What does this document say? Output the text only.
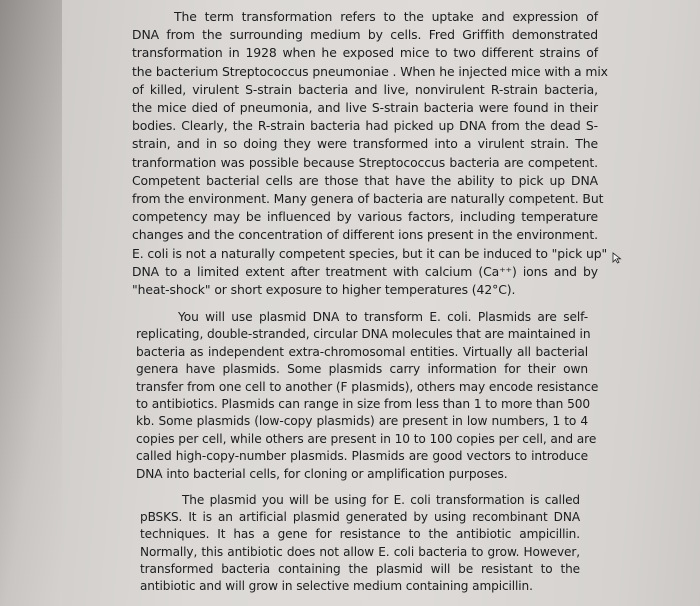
The term transformation refers to the uptake and expression of
DNA from the surrounding medium by cells. Fred Griffith demonstrated
transformation in 1928 when he exposed mice to two different strains of
the bacterium Streptococcus pneumoniae . When he injected mice with a mix
of killed, virulent S-strain bacteria and live, nonvirulent R-strain bacteria,
the mice died of pneumonia, and live S-strain bacteria were found in their
bodies. Clearly, the R-strain bacteria had picked up DNA from the dead S-
strain, and in so doing they were transformed into a virulent strain. The
tranformation was possible because Streptococcus bacteria are competent.
Competent bacterial cells are those that have the ability to pick up DNA
from the environment. Many genera of bacteria are naturally competent. But
competency may be influenced by various factors, including temperature
changes and the concentration of different ions present in the environment.
E. coli is not a naturally competent species, but it can be induced to "pick up"
DNA to a limited extent after treatment with calcium (Ca⁺⁺) ions and by
"heat-shock" or short exposure to higher temperatures (42°C).
You will use plasmid DNA to transform E. coli. Plasmids are self-
replicating, double-stranded, circular DNA molecules that are maintained in
bacteria as independent extra-chromosomal entities. Virtually all bacterial
genera have plasmids. Some plasmids carry information for their own
transfer from one cell to another (F plasmids), others may encode resistance
to antibiotics. Plasmids can range in size from less than 1 to more than 500
kb. Some plasmids (low-copy plasmids) are present in low numbers, 1 to 4
copies per cell, while others are present in 10 to 100 copies per cell, and are
called high-copy-number plasmids. Plasmids are good vectors to introduce
DNA into bacterial cells, for cloning or amplification purposes.
The plasmid you will be using for E. coli transformation is called
pBSKS. It is an artificial plasmid generated by using recombinant DNA
techniques. It has a gene for resistance to the antibiotic ampicillin.
Normally, this antibiotic does not allow E. coli bacteria to grow. However,
transformed bacteria containing the plasmid will be resistant to the
antibiotic and will grow in selective medium containing ampicillin.
